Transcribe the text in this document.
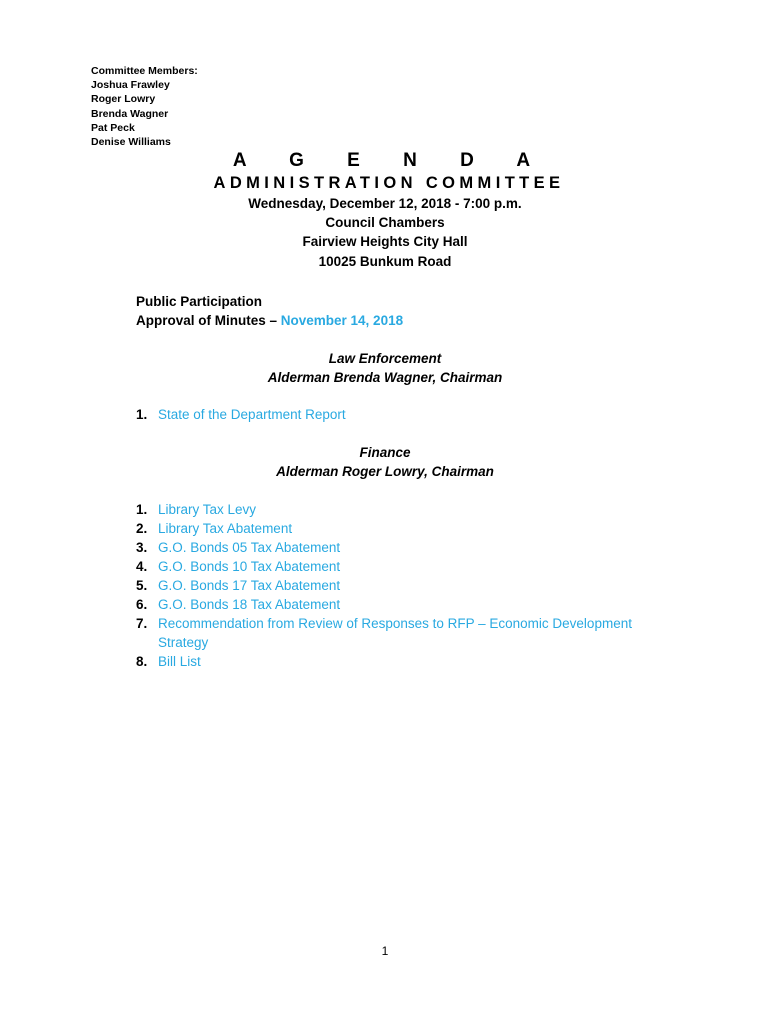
Committee Members:
Joshua Frawley
Roger Lowry
Brenda Wagner
Pat Peck
Denise Williams
A G E N D A
ADMINISTRATION COMMITTEE
Wednesday, December 12, 2018 - 7:00 p.m.
Council Chambers
Fairview Heights City Hall
10025 Bunkum Road
Public Participation
Approval of Minutes – November 14, 2018
Law Enforcement
Alderman Brenda Wagner, Chairman
1. State of the Department Report
Finance
Alderman Roger Lowry, Chairman
1. Library Tax Levy
2. Library Tax Abatement
3. G.O. Bonds 05 Tax Abatement
4. G.O. Bonds 10 Tax Abatement
5. G.O. Bonds 17 Tax Abatement
6. G.O. Bonds 18 Tax Abatement
7. Recommendation from Review of Responses to RFP – Economic Development Strategy
8. Bill List
1
